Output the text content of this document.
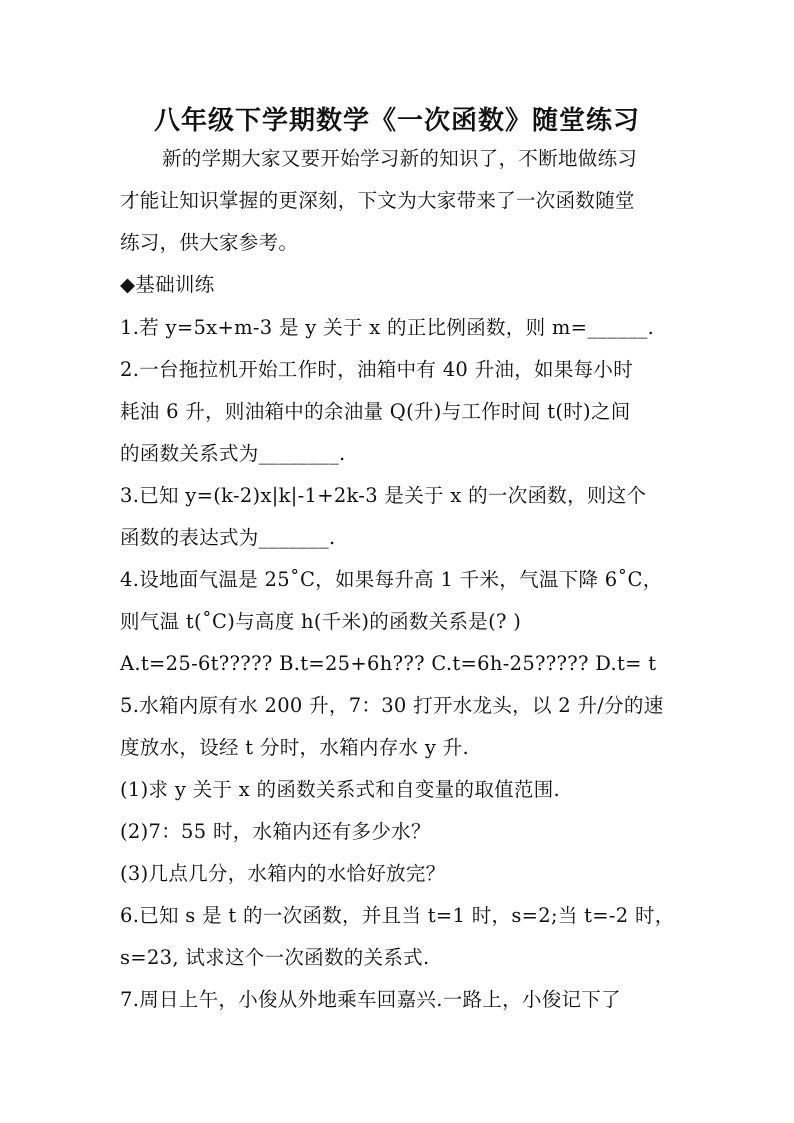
八年级下学期数学《一次函数》随堂练习
新的学期大家又要开始学习新的知识了，不断地做练习
才能让知识掌握的更深刻，下文为大家带来了一次函数随堂
练习，供大家参考。
◆基础训练
1.若 y=5x+m-3 是 y 关于 x 的正比例函数，则 m=______.
2.一台拖拉机开始工作时，油箱中有 40 升油，如果每小时
耗油 6 升，则油箱中的余油量 Q(升)与工作时间 t(时)之间
的函数关系式为________.
3.已知 y=(k-2)x|k|-1+2k-3 是关于 x 的一次函数，则这个
函数的表达式为_______.
4.设地面气温是 25˚C，如果每升高 1 千米，气温下降 6˚C，
则气温 t(˚C)与高度 h(千米)的函数关系是(? )
A.t=25-6t????? B.t=25+6h??? C.t=6h-25????? D.t= t
5.水箱内原有水 200 升，7：30 打开水龙头，以 2 升/分的速
度放水，设经 t 分时，水箱内存水 y 升.
(1)求 y 关于 x 的函数关系式和自变量的取值范围.
(2)7：55 时，水箱内还有多少水？
(3)几点几分，水箱内的水恰好放完？
6.已知 s 是 t 的一次函数，并且当 t=1 时，s=2;当 t=-2 时，
s=23, 试求这个一次函数的关系式.
7.周日上午，小俊从外地乘车回嘉兴.一路上，小俊记下了
